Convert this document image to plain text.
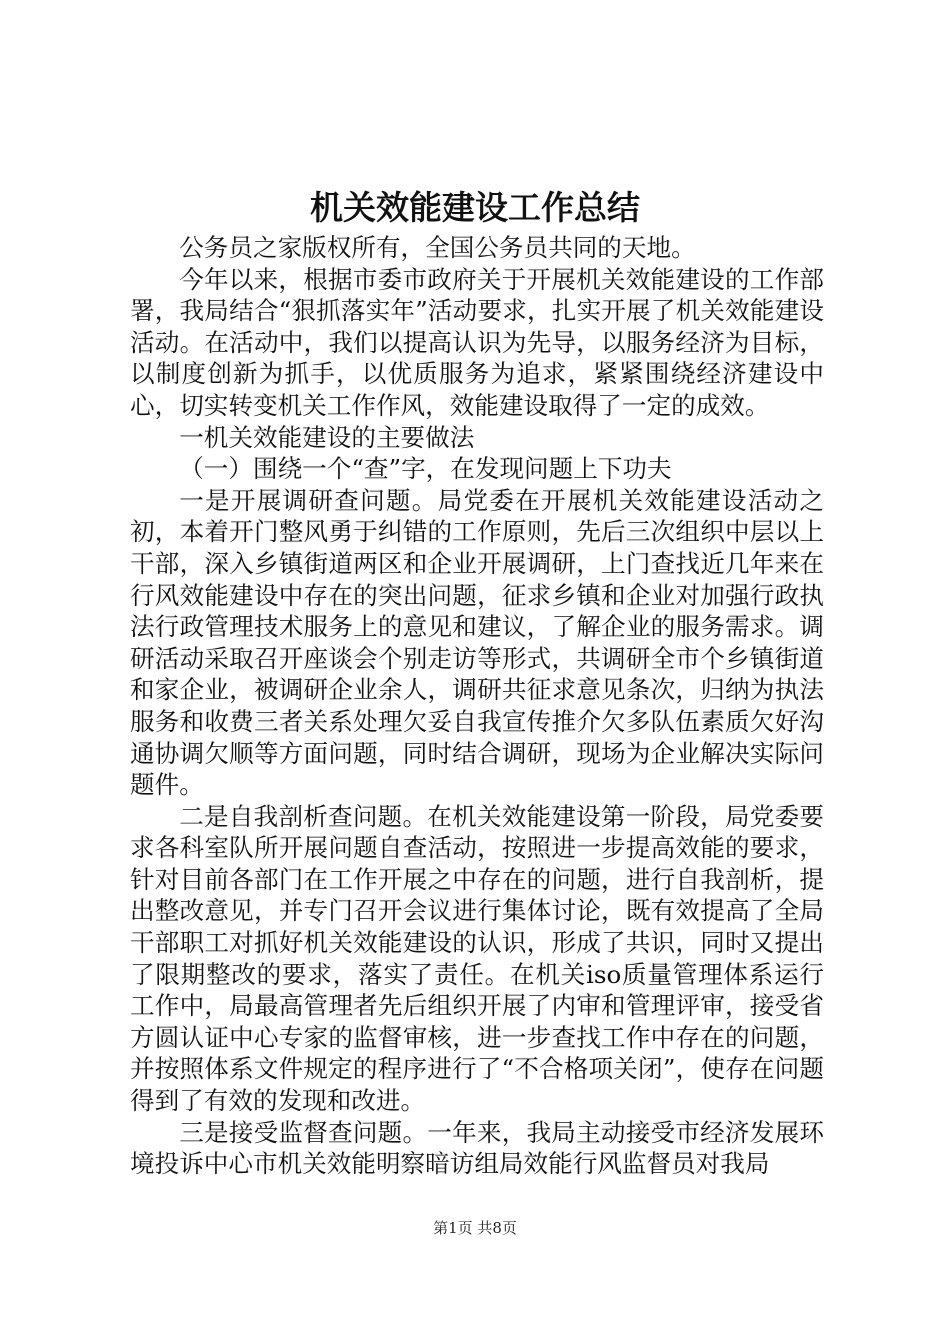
机关效能建设工作总结

公务员之家版权所有，全国公务员共同的天地。

今年以来，根据市委市政府关于开展机关效能建设的工作部署，我局结合“狠抓落实年”活动要求，扎实开展了机关效能建设活动。在活动中，我们以提高认识为先导，以服务经济为目标，以制度创新为抓手，以优质服务为追求，紧紧围绕经济建设中心，切实转变机关工作作风，效能建设取得了一定的成效。

一机关效能建设的主要做法

（一）围绕一个“查”字，在发现问题上下功夫

一是开展调研查问题。局党委在开展机关效能建设活动之初，本着开门整风勇于纠错的工作原则，先后三次组织中层以上干部，深入乡镇街道两区和企业开展调研，上门查找近几年来在行风效能建设中存在的突出问题，征求乡镇和企业对加强行政执法行政管理技术服务上的意见和建议，了解企业的服务需求。调研活动采取召开座谈会个别走访等形式，共调研全市个乡镇街道和家企业，被调研企业余人，调研共征求意见条次，归纳为执法服务和收费三者关系处理欠妥自我宣传推介欠多队伍素质欠好沟通协调欠顺等方面问题，同时结合调研，现场为企业解决实际问题件。

二是自我剖析查问题。在机关效能建设第一阶段，局党委要求各科室队所开展问题自查活动，按照进一步提高效能的要求，针对目前各部门在工作开展之中存在的问题，进行自我剖析，提出整改意见，并专门召开会议进行集体讨论，既有效提高了全局干部职工对抓好机关效能建设的认识，形成了共识，同时又提出了限期整改的要求，落实了责任。在机关iso质量管理体系运行工作中，局最高管理者先后组织开展了内审和管理评审，接受省方圆认证中心专家的监督审核，进一步查找工作中存在的问题，并按照体系文件规定的程序进行了“不合格项关闭”，使存在问题得到了有效的发现和改进。

三是接受监督查问题。一年来，我局主动接受市经济发展环境投诉中心市机关效能明察暗访组局效能行风监督员对我局

第1页 共8页
